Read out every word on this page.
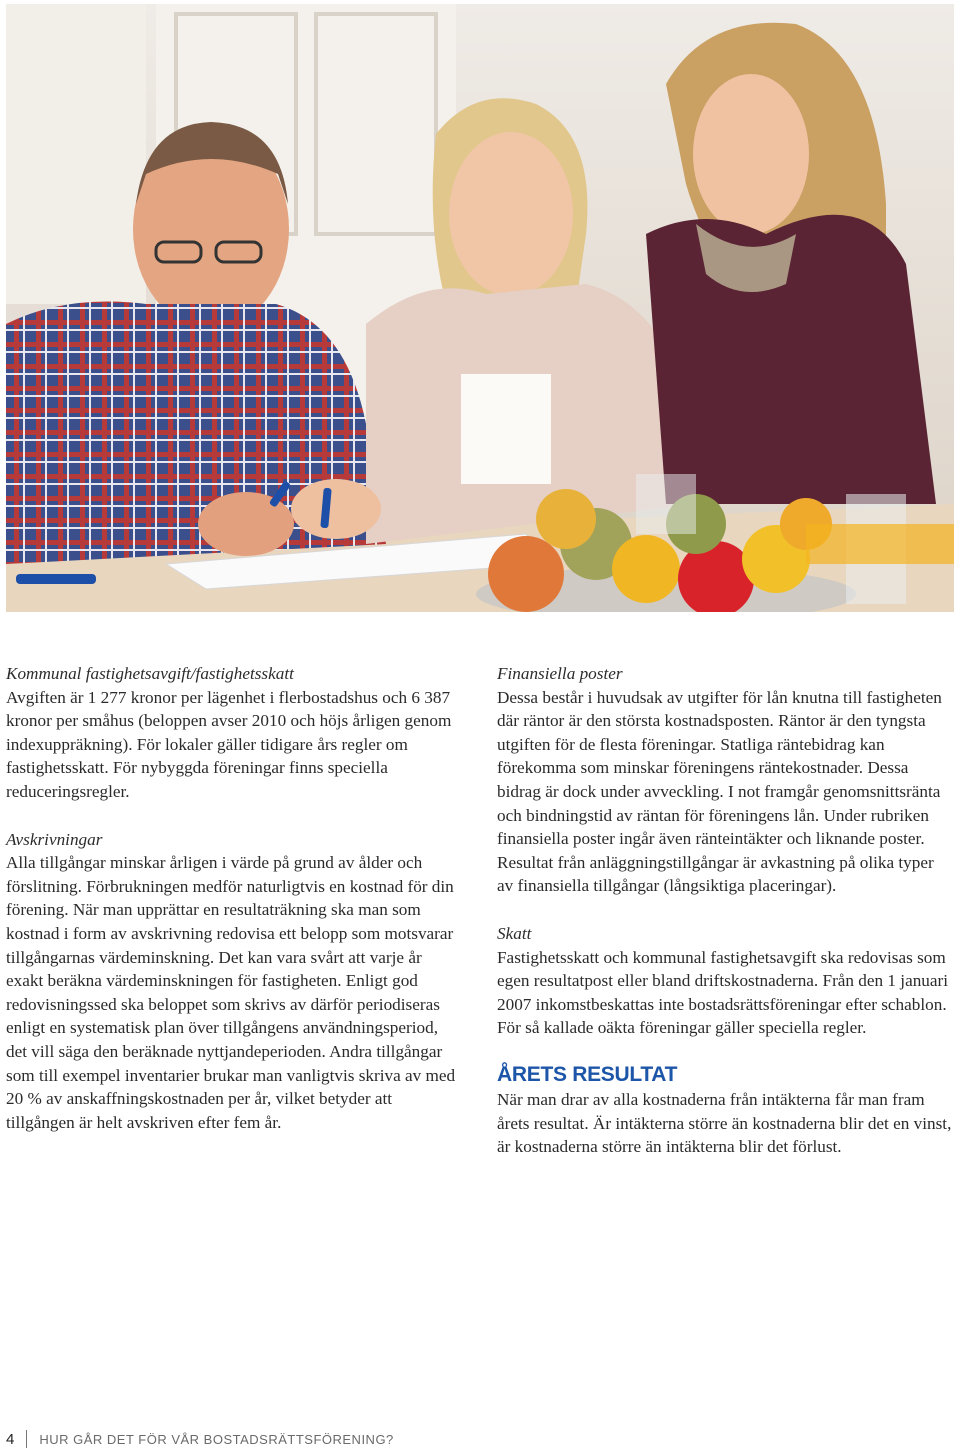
Kommunal fastighetsavgift/fastighetsskatt

Avgiften är 1 277 kronor per lägenhet i flerbostadshus och 6 387 kronor per småhus (beloppen avser 2010 och höjs årligen genom indexuppräkning). För lokaler gäller tidigare års regler om fastighetsskatt. För nybyggda föreningar finns speciella reduceringsregler.

Avskrivningar

Alla tillgångar minskar årligen i värde på grund av ålder och förslitning. Förbrukningen medför naturligtvis en kostnad för din förening. När man upprättar en resultaträkning ska man som kostnad i form av avskrivning redovisa ett belopp som motsvarar tillgångarnas värdeminskning. Det kan vara svårt att varje år exakt beräkna värdeminskningen för fastigheten. Enligt god redovisningssed ska beloppet som skrivs av därför periodiseras enligt en systematisk plan över tillgångens användningsperiod, det vill säga den beräknade nyttjandeperioden. Andra tillgångar som till exempel inventarier brukar man vanligtvis skriva av med 20 % av anskaffningskostnaden per år, vilket betyder att tillgången är helt avskriven efter fem år.

Finansiella poster

Dessa består i huvudsak av utgifter för lån knutna till fastigheten där räntor är den största kostnadsposten. Räntor är den tyngsta utgiften för de flesta föreningar. Statliga räntebidrag kan förekomma som minskar föreningens räntekostnader. Dessa bidrag är dock under avveckling. I not framgår genomsnittsränta och bindningstid av räntan för föreningens lån. Under rubriken finansiella poster ingår även ränteintäkter och liknande poster. Resultat från anläggningstillgångar är avkastning på olika typer av finansiella tillgångar (långsiktiga placeringar).

Skatt

Fastighetsskatt och kommunal fastighetsavgift ska redovisas som egen resultatpost eller bland driftskostnaderna. Från den 1 januari 2007 inkomstbeskattas inte bostadsrättsföreningar efter schablon. För så kallade oäkta föreningar gäller speciella regler.

ÅRETS RESULTAT

När man drar av alla kostnaderna från intäkterna får man fram årets resultat. Är intäkterna större än kostnaderna blir det en vinst, är kostnaderna större än intäkterna blir det förlust.

4 HUR GÅR DET FÖR VÅR BOSTADSRÄTTSFÖRENING?
